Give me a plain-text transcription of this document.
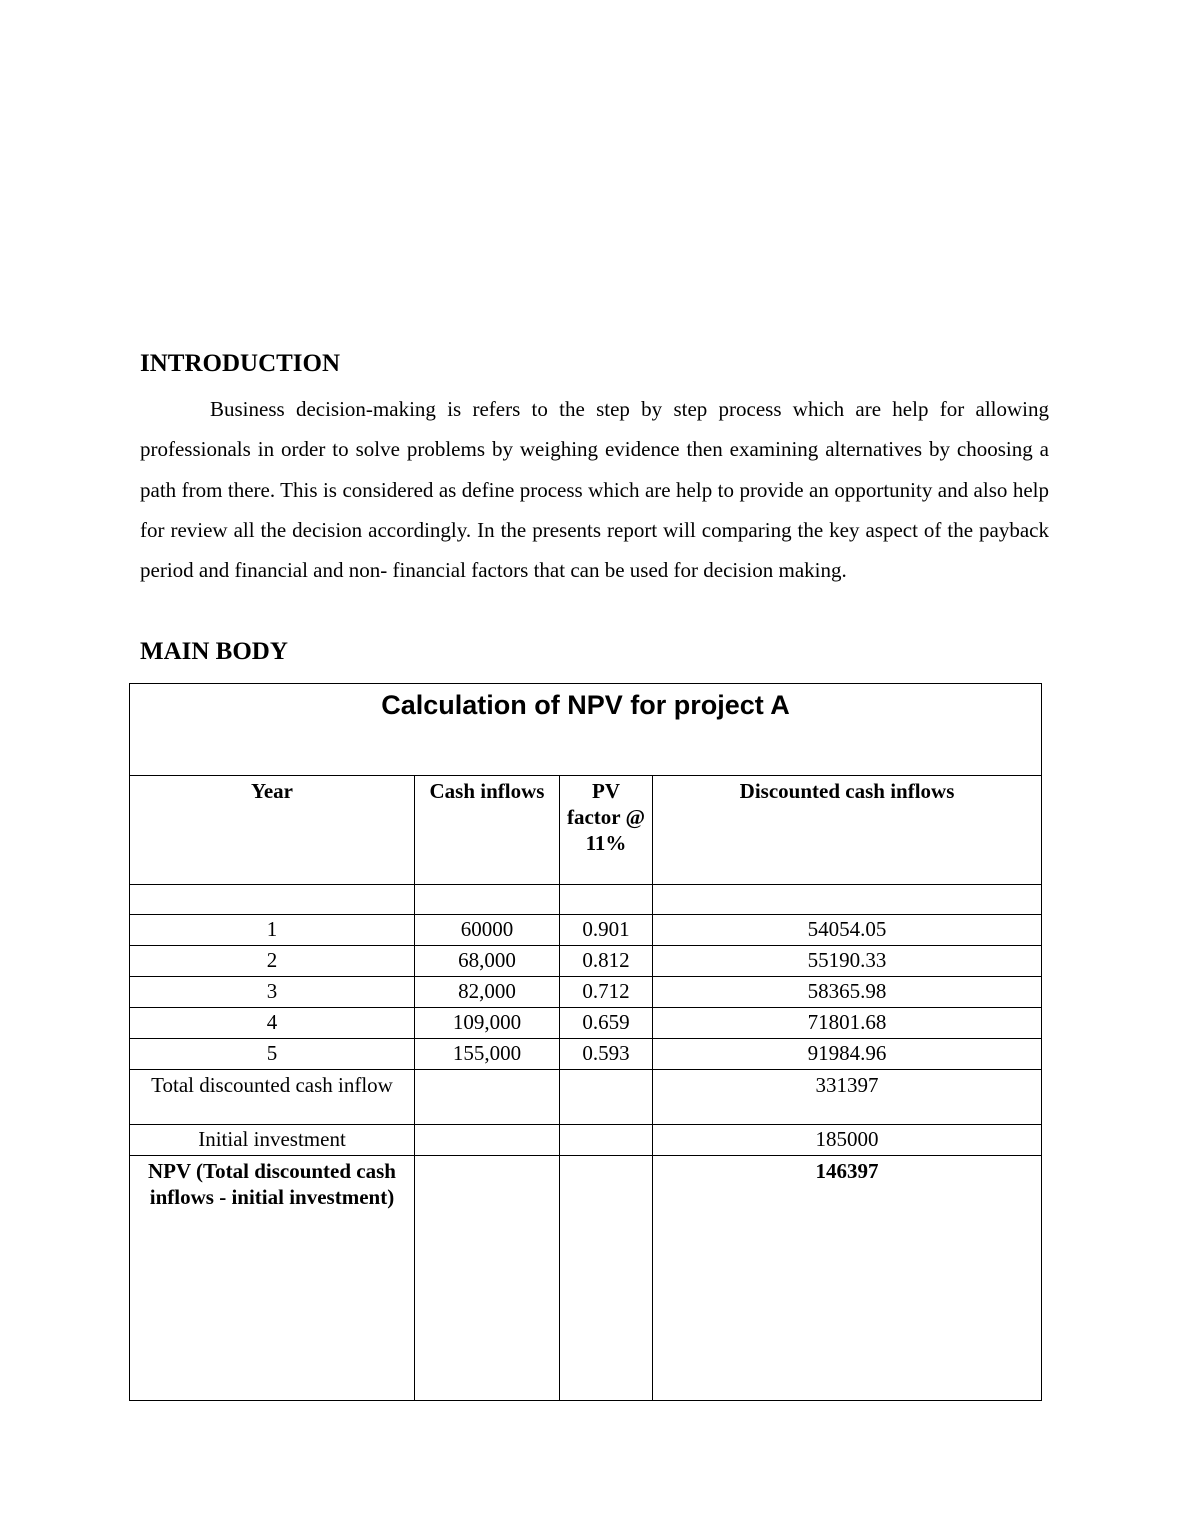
INTRODUCTION

Business decision-making is refers to the step by step process which are help for allowing professionals in order to solve problems by weighing evidence then examining alternatives by choosing a path from there. This is considered as define process which are help to provide an opportunity and also help for review all the decision accordingly. In the presents report will comparing the key aspect of the payback period and financial and non- financial factors that can be used for decision making.

MAIN BODY
Calculation of NPV for project A			
Year	Cash inflows	PV factor @ 11%	Discounted cash inflows

1	60000	0.901	54054.05
2	68,000	0.812	55190.33
3	82,000	0.712	58365.98
4	109,000	0.659	71801.68
5	155,000	0.593	91984.96
Total discounted cash inflow			331397
Initial investment			185000
NPV (Total discounted cash inflows - initial investment)			146397
